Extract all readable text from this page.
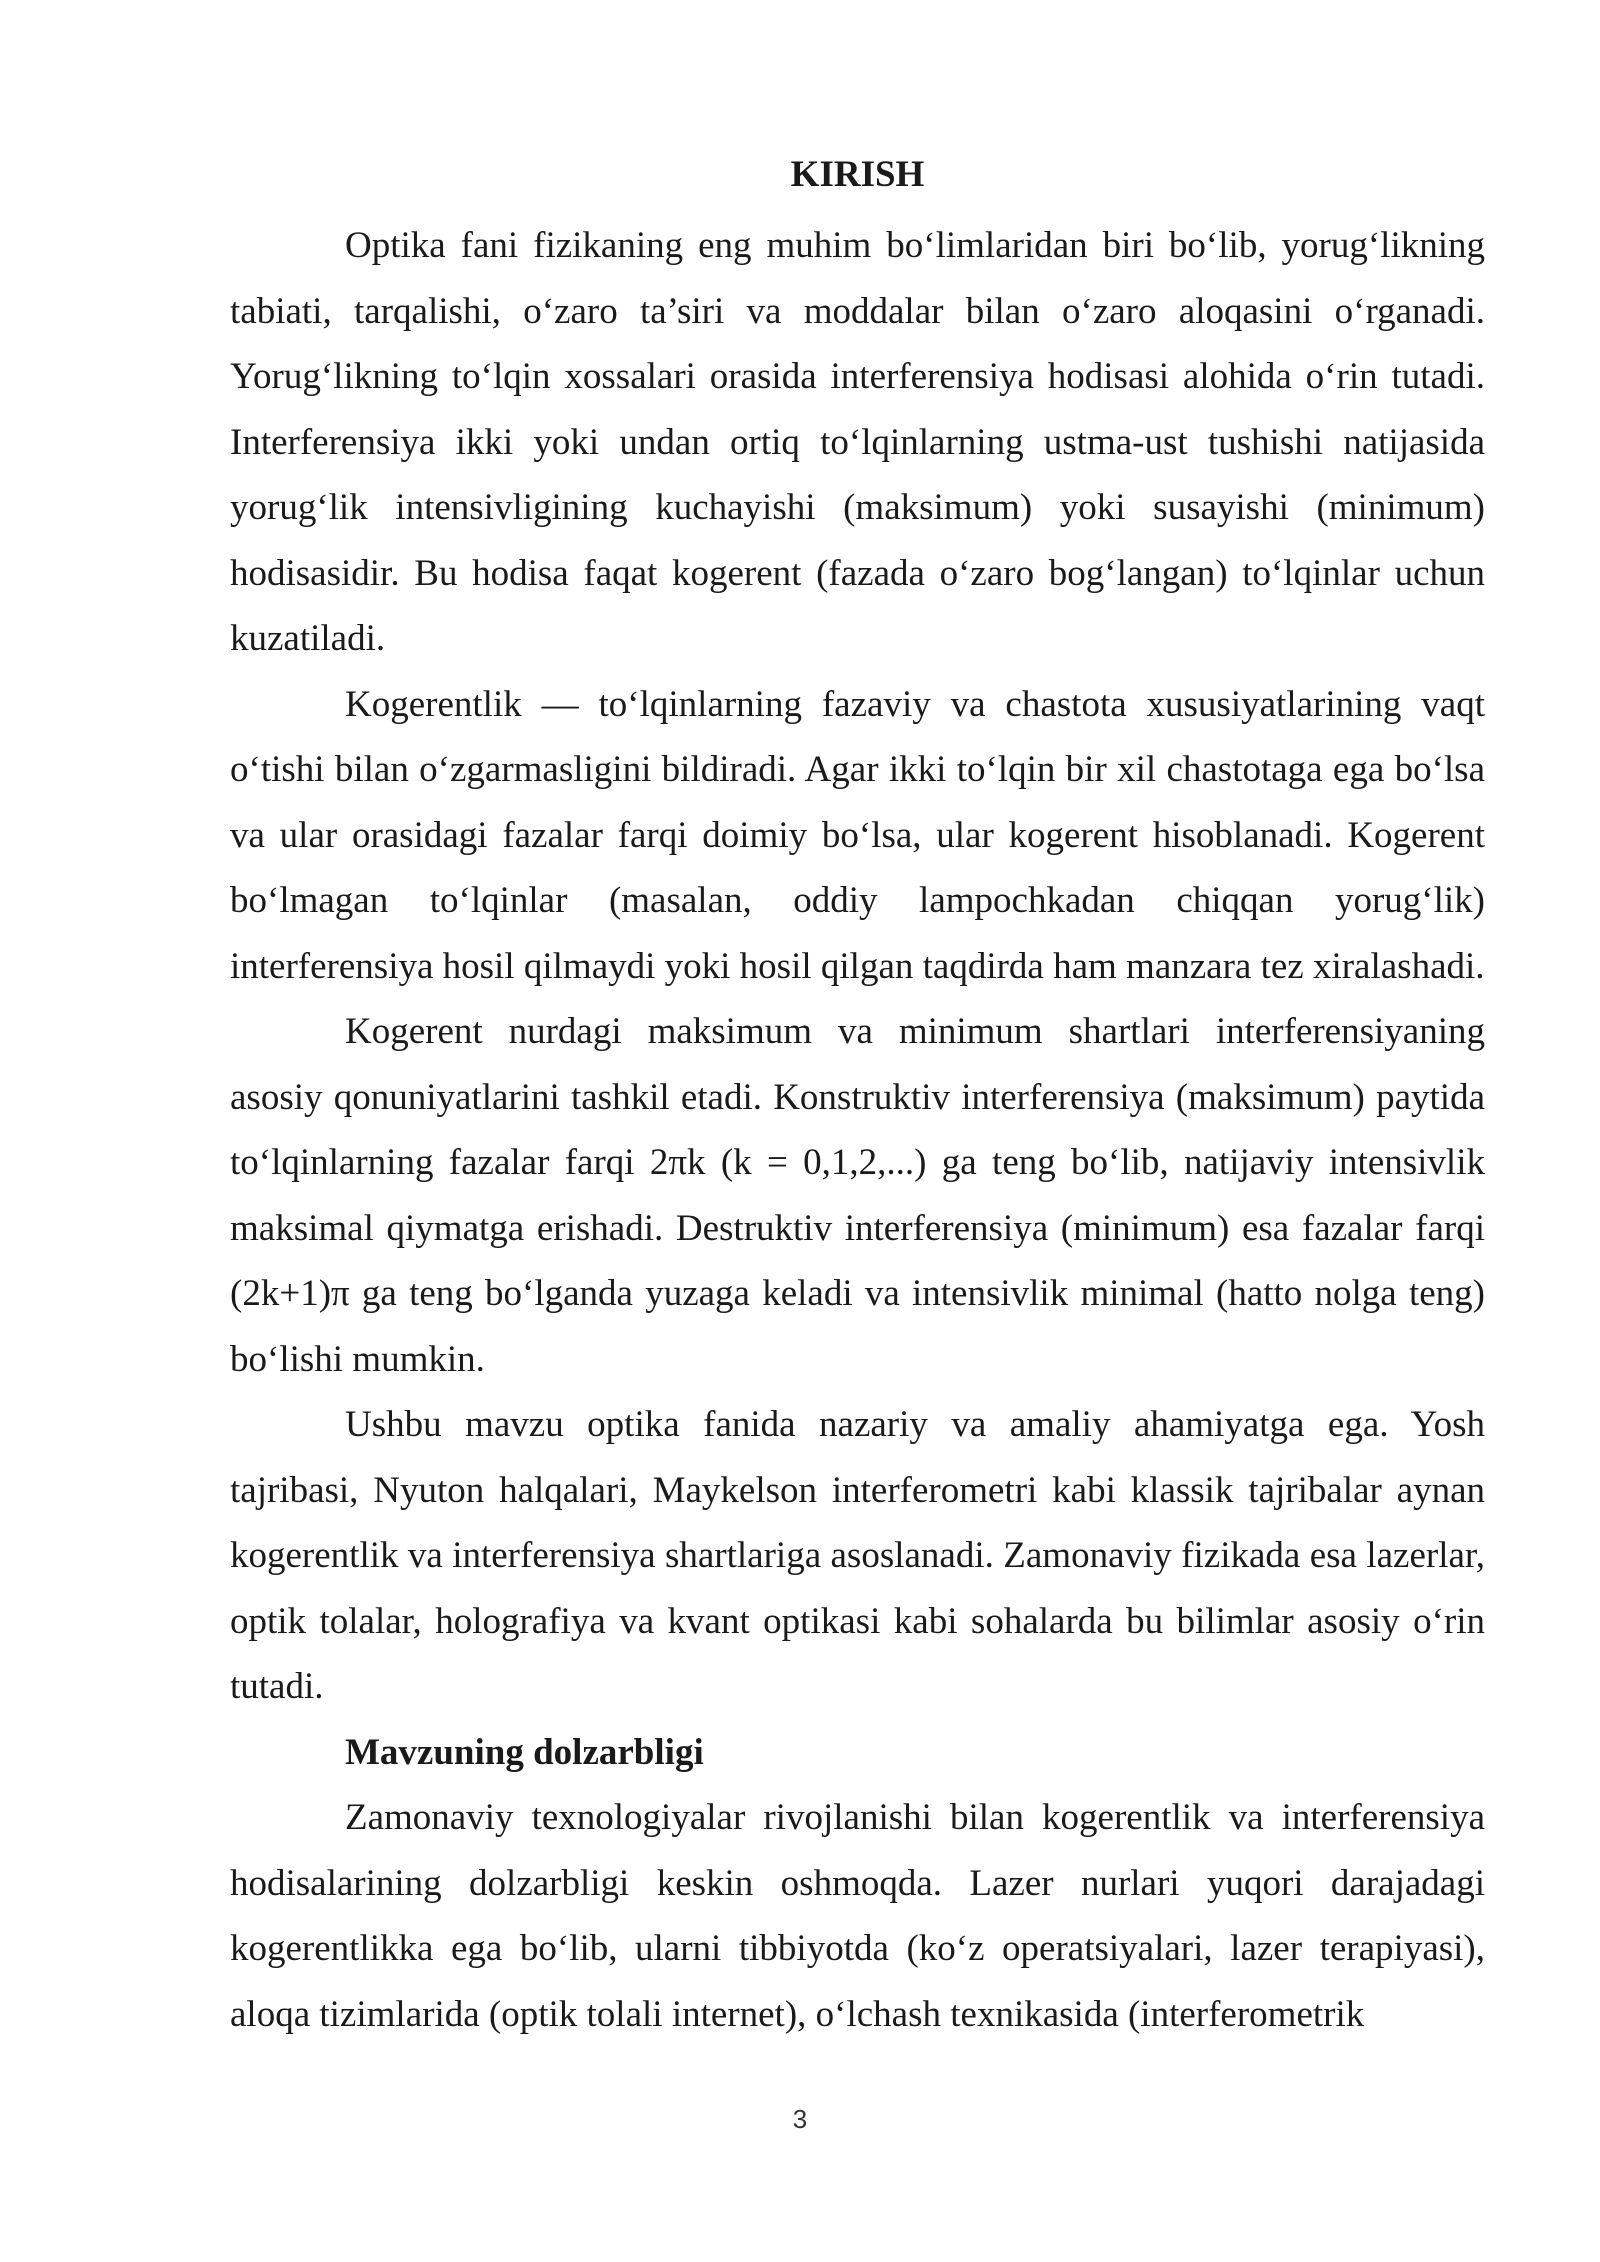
KIRISH

Optika fani fizikaning eng muhim bo‘limlaridan biri bo‘lib, yorug‘likning tabiati, tarqalishi, o‘zaro ta’siri va moddalar bilan o‘zaro aloqasini o‘rganadi. Yorug‘likning to‘lqin xossalari orasida interferensiya hodisasi alohida o‘rin tutadi. Interferensiya ikki yoki undan ortiq to‘lqinlarning ustma-ust tushishi natijasida yorug‘lik intensivligining kuchayishi (maksimum) yoki susayishi (minimum) hodisasidir. Bu hodisa faqat kogerent (fazada o‘zaro bog‘langan) to‘lqinlar uchun kuzatiladi.

Kogerentlik — to‘lqinlarning fazaviy va chastota xususiyatlarining vaqt o‘tishi bilan o‘zgarmasligini bildiradi. Agar ikki to‘lqin bir xil chastotaga ega bo‘lsa va ular orasidagi fazalar farqi doimiy bo‘lsa, ular kogerent hisoblanadi. Kogerent bo‘lmagan to‘lqinlar (masalan, oddiy lampochkadan chiqqan yorug‘lik) interferensiya hosil qilmaydi yoki hosil qilgan taqdirda ham manzara tez xiralashadi.

Kogerent nurdagi maksimum va minimum shartlari interferensiyaning asosiy qonuniyatlarini tashkil etadi. Konstruktiv interferensiya (maksimum) paytida to‘lqinlarning fazalar farqi 2πk (k = 0,1,2,...) ga teng bo‘lib, natijaviy intensivlik maksimal qiymatga erishadi. Destruktiv interferensiya (minimum) esa fazalar farqi (2k+1)π ga teng bo‘lganda yuzaga keladi va intensivlik minimal (hatto nolga teng) bo‘lishi mumkin.

Ushbu mavzu optika fanida nazariy va amaliy ahamiyatga ega. Yosh tajribasi, Nyuton halqalari, Maykelson interferometri kabi klassik tajribalar aynan kogerentlik va interferensiya shartlariga asoslanadi. Zamonaviy fizikada esa lazerlar, optik tolalar, holografiya va kvant optikasi kabi sohalarda bu bilimlar asosiy o‘rin tutadi.

Mavzuning dolzarbligi

Zamonaviy texnologiyalar rivojlanishi bilan kogerentlik va interferensiya hodisalarining dolzarbligi keskin oshmoqda. Lazer nurlari yuqori darajadagi kogerentlikka ega bo‘lib, ularni tibbiyotda (ko‘z operatsiyalari, lazer terapiyasi), aloqa tizimlarida (optik tolali internet), o‘lchash texnikasida (interferometrik

3
